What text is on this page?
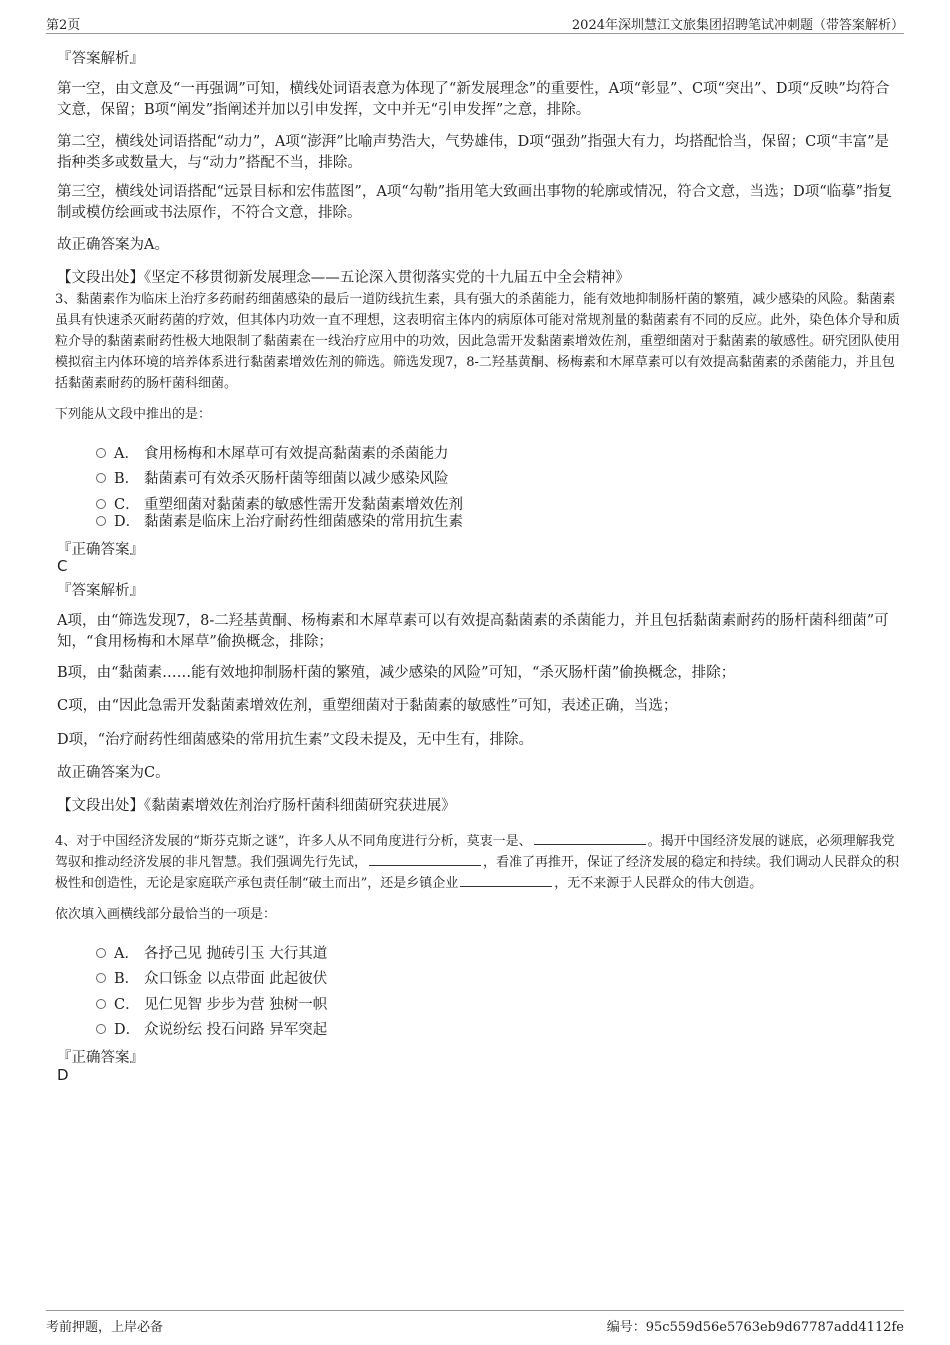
第2页	2024年深圳慧江文旅集团招聘笔试冲刺题（带答案解析）
『答案解析』
第一空，由文意及“一再强调”可知，横线处词语表意为体现了“新发展理念”的重要性，A项“彰显”、C项“突出”、D项“反映”均符合文意，保留；B项“阐发”指阐述并加以引申发挥，文中并无“引申发挥”之意，排除。
第二空，横线处词语搭配“动力”，A项“澎湃”比喻声势浩大，气势雄伟，D项“强劲”指强大有力，均搭配恰当，保留；C项“丰富”是指种类多或数量大，与“动力”搭配不当，排除。
第三空，横线处词语搭配“远景目标和宏伟蓝图”，A项“勾勒”指用笔大致画出事物的轮廓或情况，符合文意，当选；D项“临摹”指复制或模仿绘画或书法原作，不符合文意，排除。
故正确答案为A。
【文段出处】《坚定不移贯彻新发展理念——五论深入贯彻落实党的十九届五中全会精神》
3、黏菌素作为临床上治疗多药耐药细菌感染的最后一道防线抗生素，具有强大的杀菌能力，能有效地抑制肠杆菌的繁殖，减少感染的风险。黏菌素虽具有快速杀灭耐药菌的疗效，但其体内功效一直不理想，这表明宿主体内的病原体可能对常规剂量的黏菌素有不同的反应。此外，染色体介导和质粒介导的黏菌素耐药性极大地限制了黏菌素在一线治疗应用中的功效，因此急需开发黏菌素增效佐剂，重塑细菌对于黏菌素的敏感性。研究团队使用模拟宿主内体环境的培养体系进行黏菌素增效佐剂的筛选。筛选发现7，8-二羟基黄酮、杨梅素和木犀草素可以有效提高黏菌素的杀菌能力，并且包括黏菌素耐药的肠杆菌科细菌。
下列能从文段中推出的是：
A． 食用杨梅和木犀草可有效提高黏菌素的杀菌能力
B． 黏菌素可有效杀灭肠杆菌等细菌以减少感染风险
C． 重塑细菌对黏菌素的敏感性需开发黏菌素增效佐剂
D． 黏菌素是临床上治疗耐药性细菌感染的常用抗生素
『正确答案』
C
『答案解析』
A项，由“筛选发现7，8-二羟基黄酮、杨梅素和木犀草素可以有效提高黏菌素的杀菌能力，并且包括黏菌素耐药的肠杆菌科细菌”可知，“食用杨梅和木犀草”偷换概念，排除；
B项，由“黏菌素……能有效地抑制肠杆菌的繁殖，减少感染的风险”可知，“杀灭肠杆菌”偷换概念，排除；
C项，由“因此急需开发黏菌素增效佐剂，重塑细菌对于黏菌素的敏感性”可知，表述正确，当选；
D项，“治疗耐药性细菌感染的常用抗生素”文段未提及，无中生有，排除。
故正确答案为C。
【文段出处】《黏菌素增效佐剂治疗肠杆菌科细菌研究获进展》
4、对于中国经济发展的“斯芬克斯之谜”，许多人从不同角度进行分析，莫衷一是、	。揭开中国经济发展的谜底，必须理解我党驾驭和推动经济发展的非凡智慧。我们强调先行先试，	，看准了再推开，保证了经济发展的稳定和持续。我们调动人民群众的积极性和创造性，无论是家庭联产承包责任制“破土而出”，还是乡镇企业	，无不来源于人民群众的伟大创造。
依次填入画横线部分最恰当的一项是：
A． 各抒己见 抛砖引玉 大行其道
B． 众口铄金 以点带面 此起彼伏
C． 见仁见智 步步为营 独树一帜
D． 众说纷纭 投石问路 异军突起
『正确答案』
D
考前押题，上岸必备	编号：95c559d56e5763eb9d67787add4112fe
